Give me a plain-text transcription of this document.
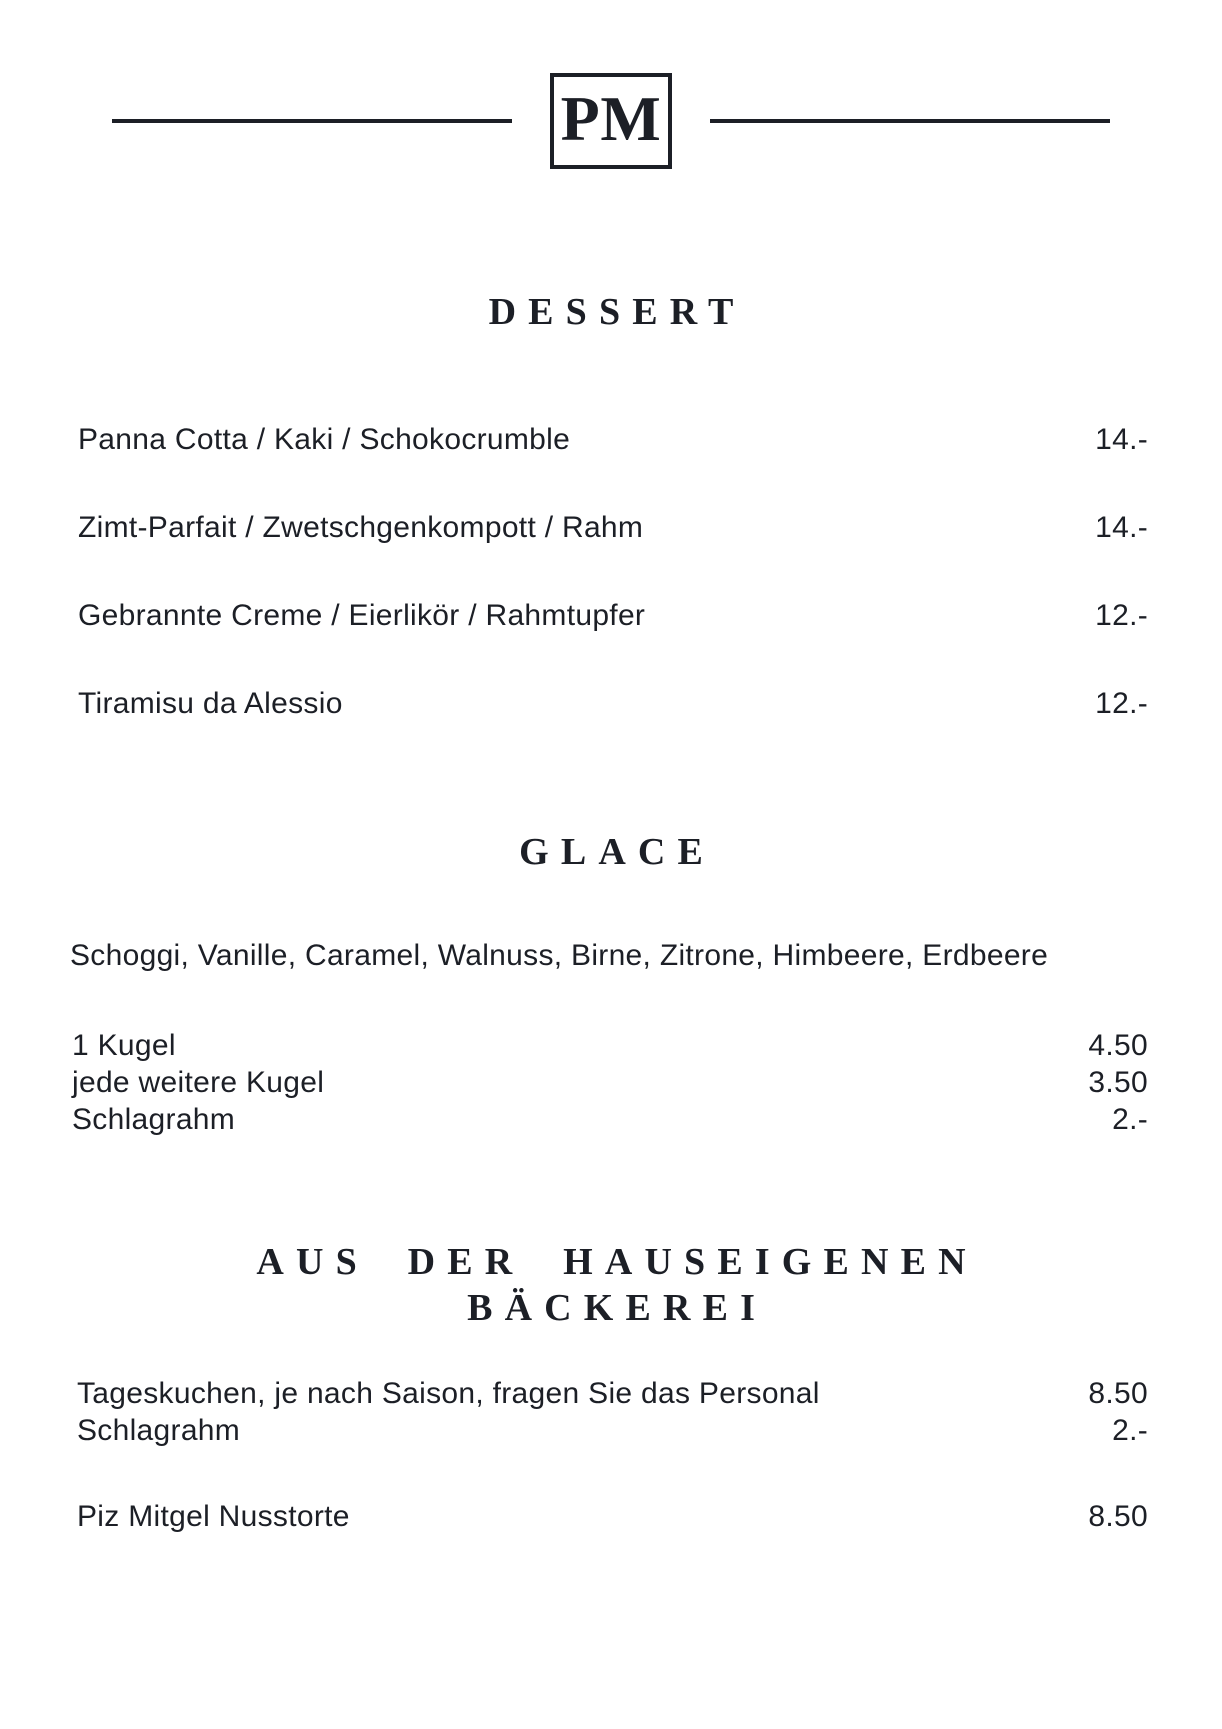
PM
DESSERT
Panna Cotta / Kaki / Schokocrumble	14.-
Zimt-Parfait / Zwetschgenkompott / Rahm	14.-
Gebrannte Creme / Eierlikör / Rahmtupfer	12.-
Tiramisu da Alessio	12.-
GLACE
Schoggi, Vanille, Caramel, Walnuss, Birne, Zitrone, Himbeere, Erdbeere
1 Kugel	4.50
jede weitere Kugel	3.50
Schlagrahm	2.-
AUS DER HAUSEIGENEN
BÄCKEREI
Tageskuchen, je nach Saison, fragen Sie das Personal	8.50
Schlagrahm	2.-
Piz Mitgel Nusstorte	8.50
